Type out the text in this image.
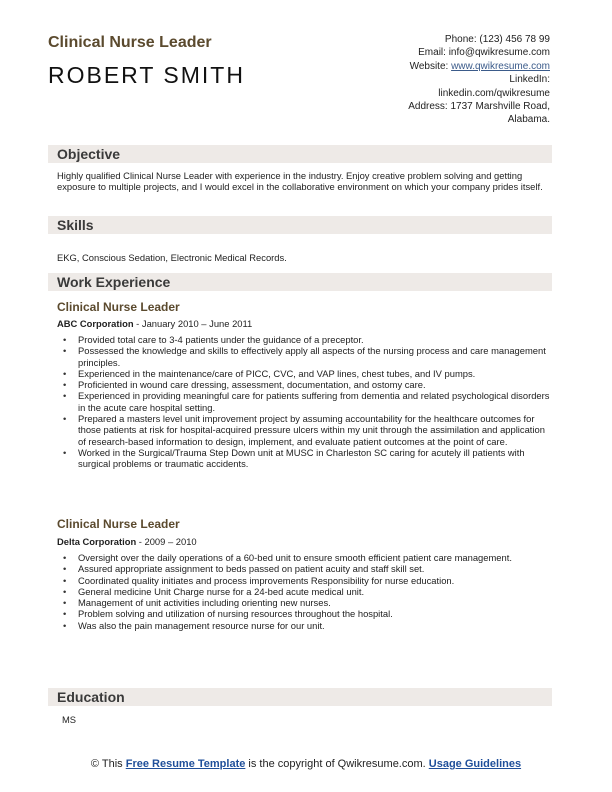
Clinical Nurse Leader
ROBERT SMITH
Phone: (123) 456 78 99
Email: info@qwikresume.com
Website: www.qwikresume.com
LinkedIn:
linkedin.com/qwikresume
Address: 1737 Marshville Road,
Alabama.
Objective
Highly qualified Clinical Nurse Leader with experience in the industry. Enjoy creative problem solving and getting exposure to multiple projects, and I would excel in the collaborative environment on which your company prides itself.
Skills
EKG, Conscious Sedation, Electronic Medical Records.
Work Experience
Clinical Nurse Leader
ABC Corporation - January 2010 – June 2011
• Provided total care to 3-4 patients under the guidance of a preceptor.
• Possessed the knowledge and skills to effectively apply all aspects of the nursing process and care management principles.
• Experienced in the maintenance/care of PICC, CVC, and VAP lines, chest tubes, and IV pumps.
• Proficiented in wound care dressing, assessment, documentation, and ostomy care.
• Experienced in providing meaningful care for patients suffering from dementia and related psychological disorders in the acute care hospital setting.
• Prepared a masters level unit improvement project by assuming accountability for the healthcare outcomes for those patients at risk for hospital-acquired pressure ulcers within my unit through the assimilation and application of research-based information to design, implement, and evaluate patient outcomes at the point of care.
• Worked in the Surgical/Trauma Step Down unit at MUSC in Charleston SC caring for acutely ill patients with surgical problems or traumatic accidents.
Clinical Nurse Leader
Delta Corporation - 2009 – 2010
• Oversight over the daily operations of a 60-bed unit to ensure smooth efficient patient care management.
• Assured appropriate assignment to beds passed on patient acuity and staff skill set.
• Coordinated quality initiates and process improvements Responsibility for nurse education.
• General medicine Unit Charge nurse for a 24-bed acute medical unit.
• Management of unit activities including orienting new nurses.
• Problem solving and utilization of nursing resources throughout the hospital.
• Was also the pain management resource nurse for our unit.
Education
MS
© This Free Resume Template is the copyright of Qwikresume.com. Usage Guidelines
